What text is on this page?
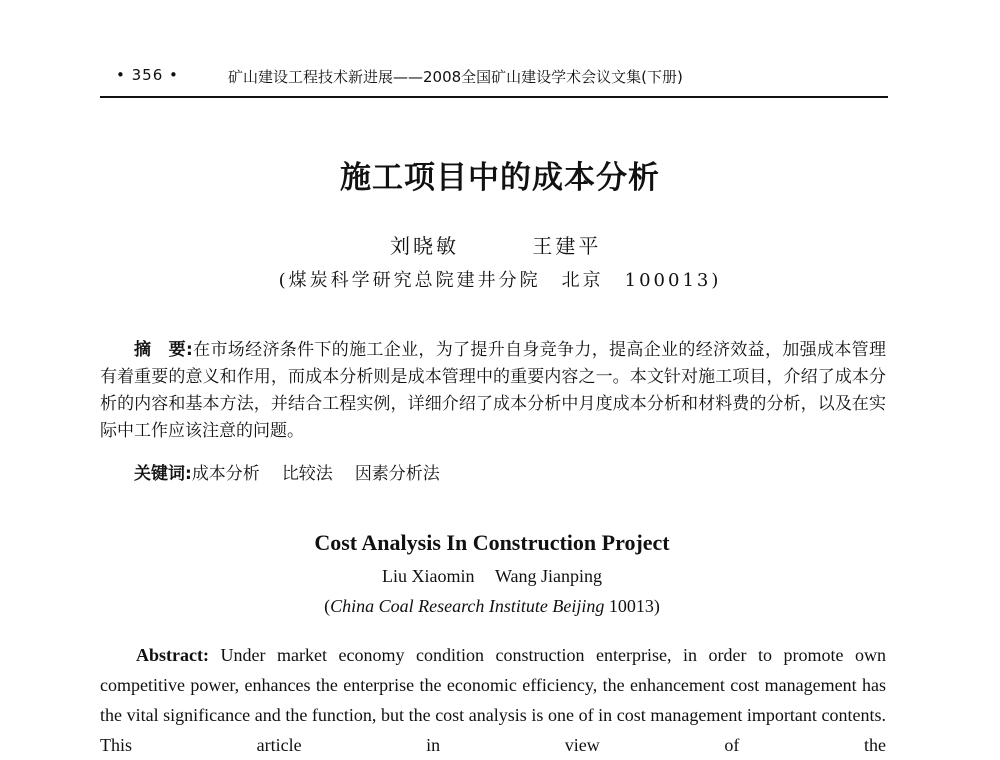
• 356 •	矿山建设工程技术新进展——2008全国矿山建设学术会议文集(下册)
施工项目中的成本分析
刘晓敏	王建平
(煤炭科学研究总院建井分院　北京　100013)
摘　要:在市场经济条件下的施工企业，为了提升自身竞争力，提高企业的经济效益，加强成本管理有着重要的意义和作用，而成本分析则是成本管理中的重要内容之一。本文针对施工项目，介绍了成本分析的内容和基本方法，并结合工程实例，详细介绍了成本分析中月度成本分析和材料费的分析，以及在实际中工作应该注意的问题。
关键词:成本分析 比较法 因素分析法
Cost Analysis In Construction Project
Liu Xiaomin Wang Jianping
(China Coal Research Institute Beijing 10013)
Abstract: Under market economy condition construction enterprise, in order to promote own competitive power, enhances the enterprise the economic efficiency, the enhancement cost management has the vital significance and the function, but the cost analysis is one of in cost management important contents. This article in view of the
